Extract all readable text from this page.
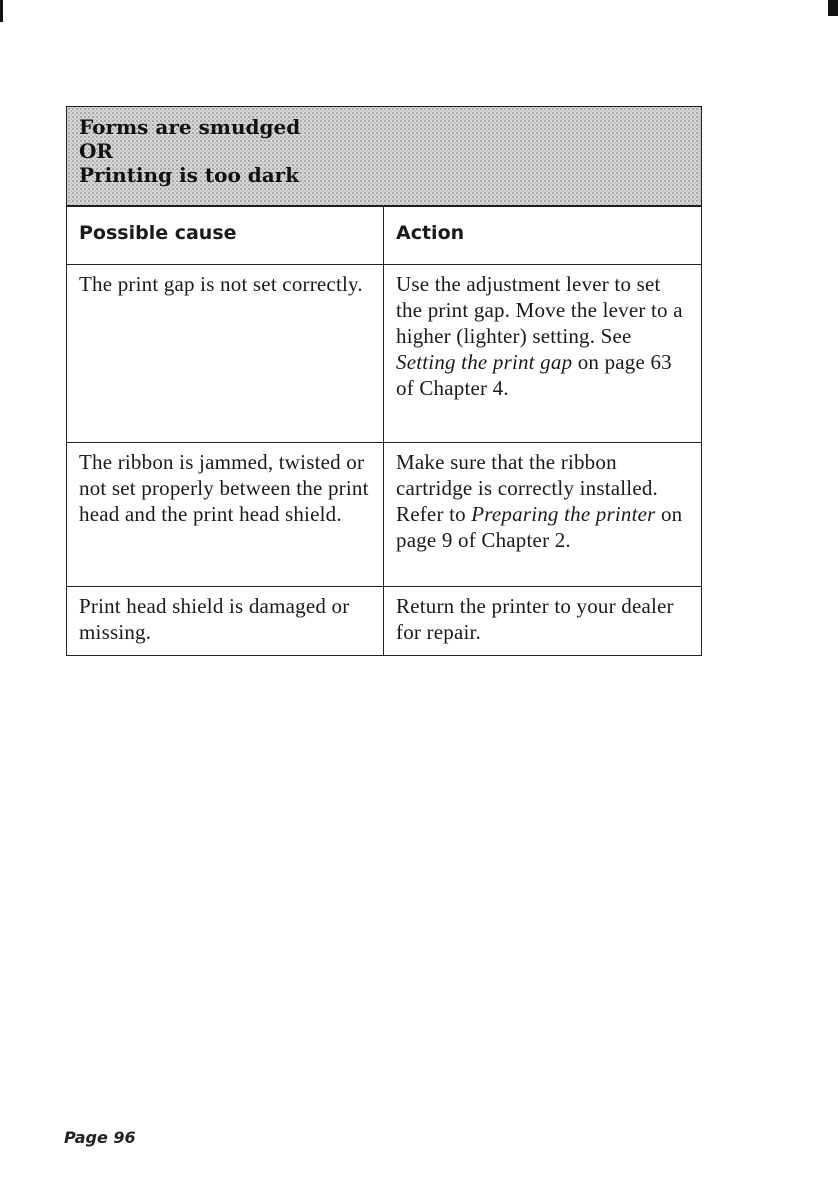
Forms are smudged

OR

Printing is too dark

Possible cause	Action
The print gap is not set correctly.	Use the adjustment lever to set the print gap. Move the lever to a higher (lighter) setting. See Setting the print gap on page 63 of Chapter 4.
The ribbon is jammed, twisted or not set properly between the print head and the print head shield.
Make sure that the ribbon cartridge is correctly installed. Refer to Preparing the printer on page 9 of Chapter 2.
Print head shield is damaged or missing.
Return the printer to your dealer for repair.
Page 96
